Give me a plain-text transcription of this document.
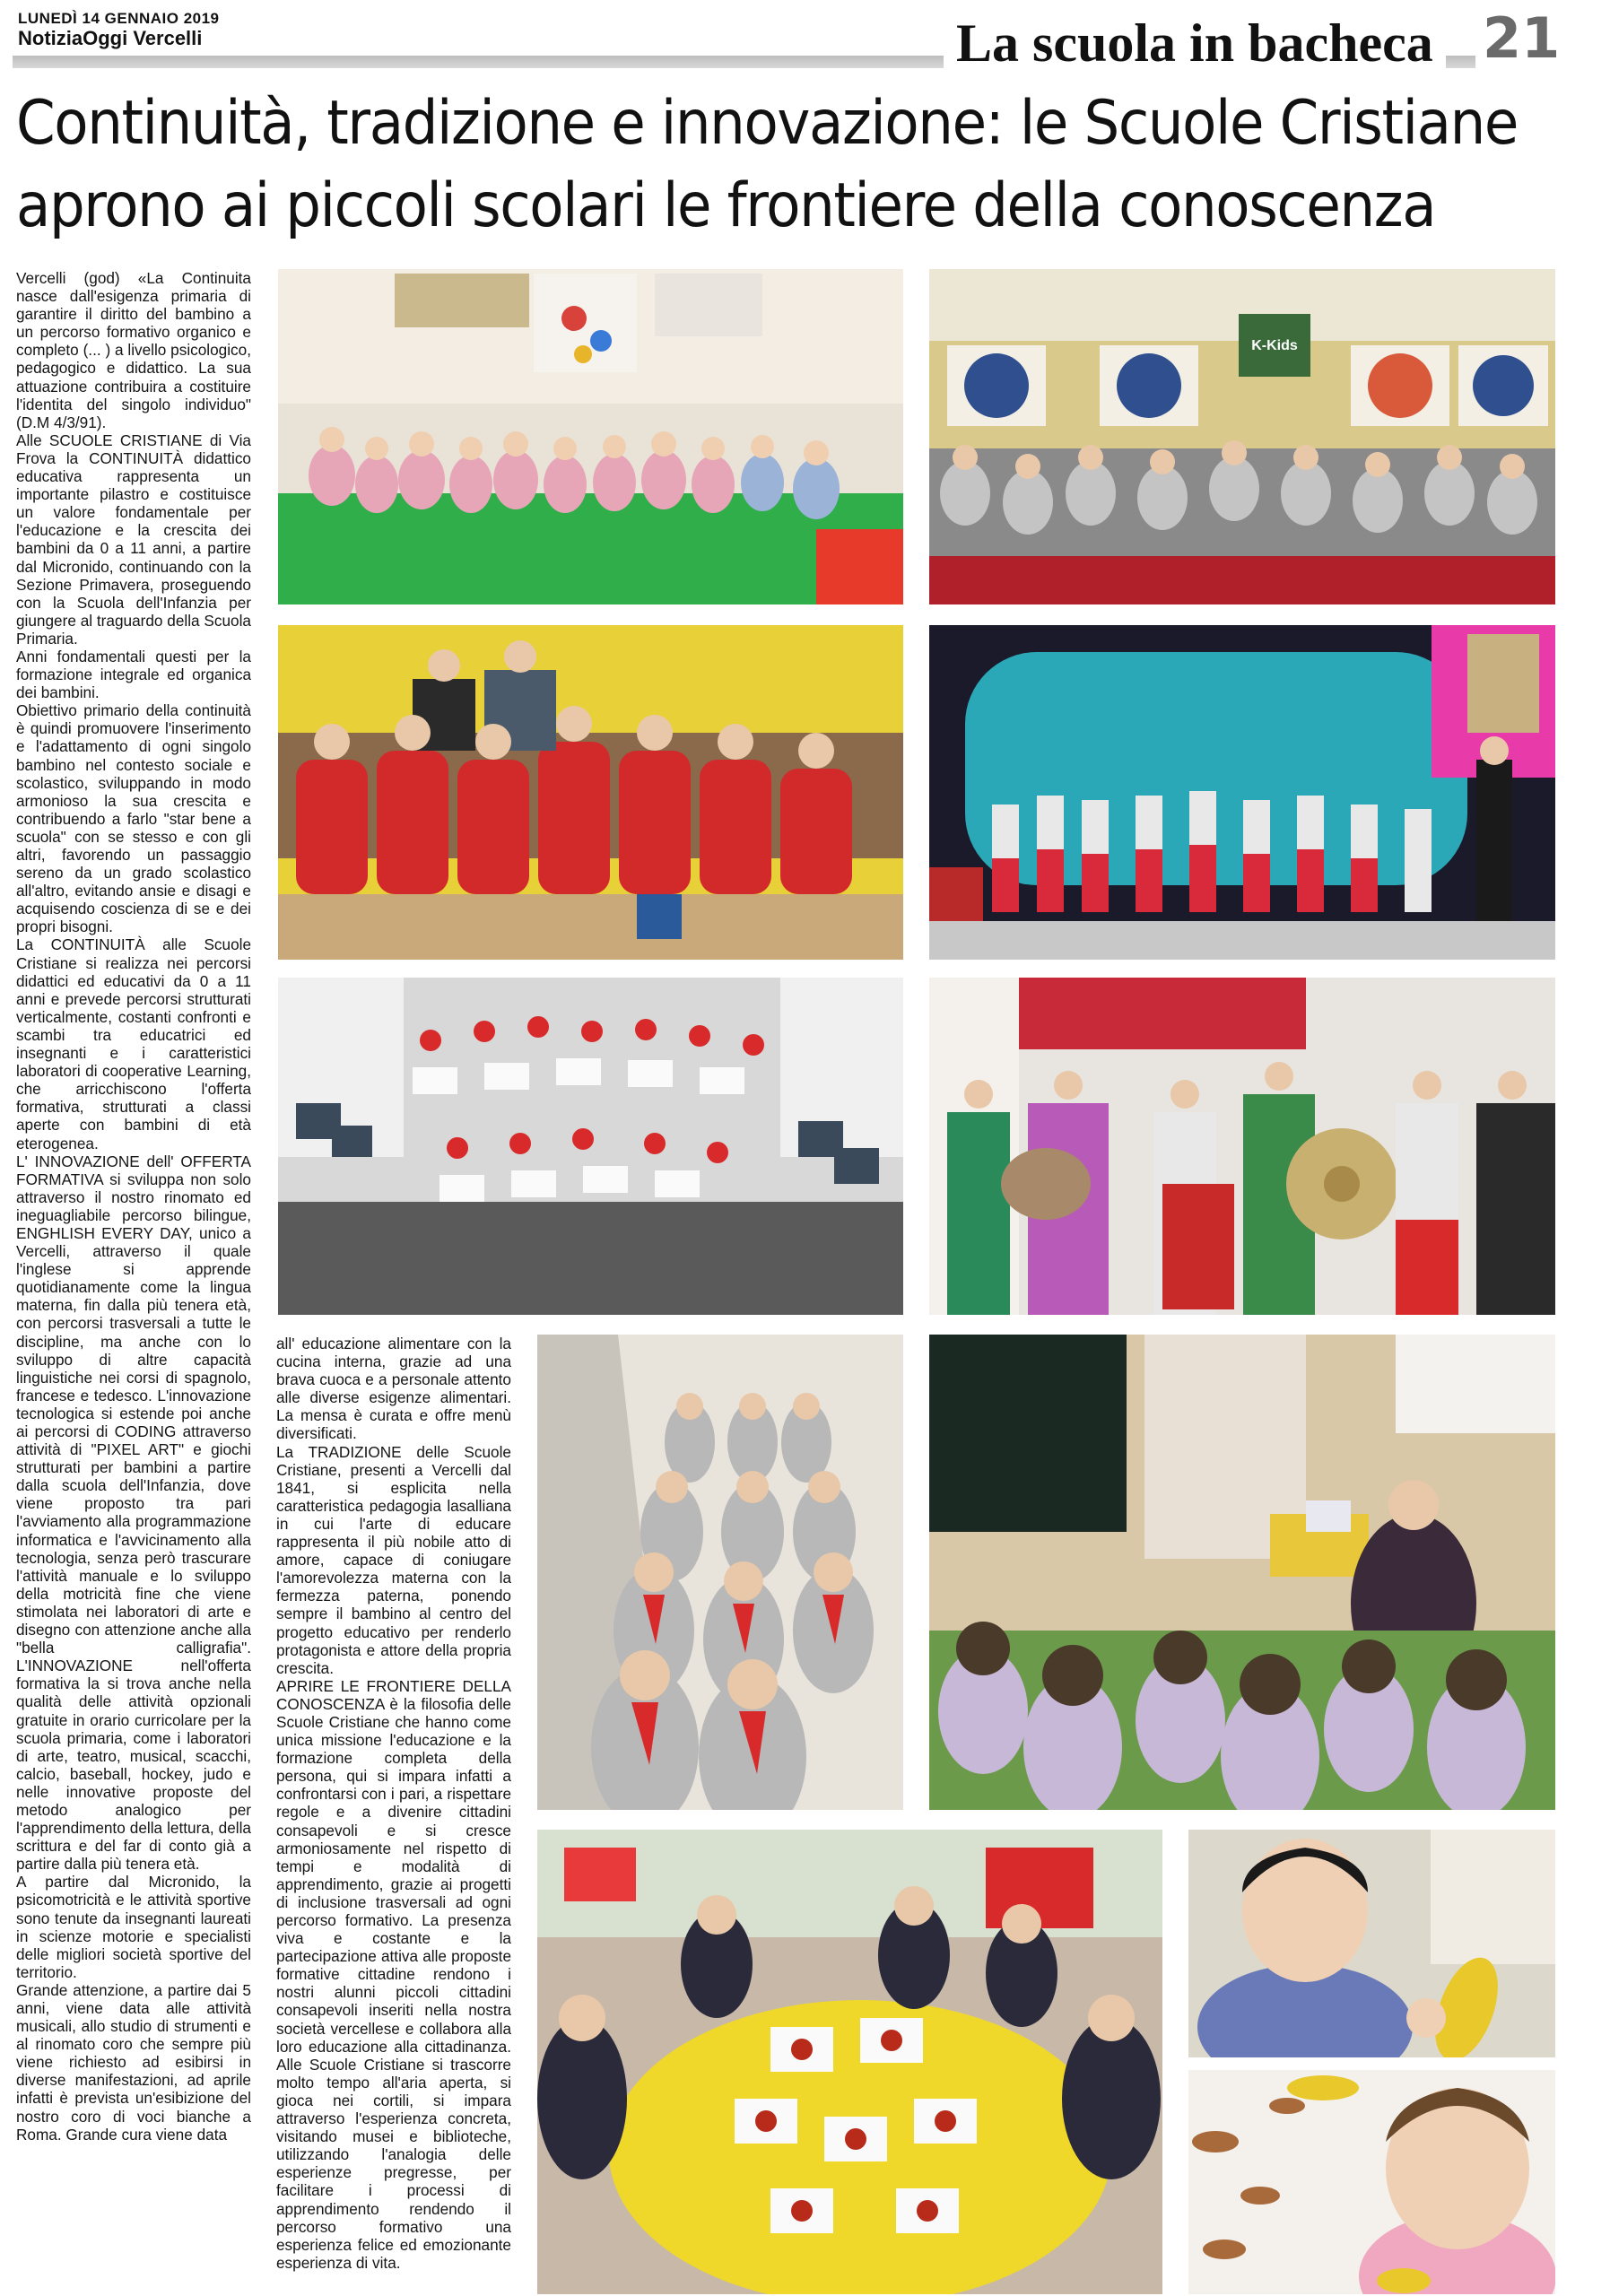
LUNEDÌ 14 GENNAIO 2019
NotiziaOggi Vercelli	La scuola in bacheca 21
Continuità, tradizione e innovazione: le Scuole Cristiane
aprono ai piccoli scolari le frontiere della conoscenza

Vercelli (god) «La Continuita nasce dall'esigenza primaria di garantire il diritto del bambino a un percorso formativo organico e completo (... ) a livello psicologico, pedagogico e didattico. La sua attuazione contribuira a costituire l'identita del singolo individuo" (D.M 4/3/91).

Alle SCUOLE CRISTIANE di Via Frova la CONTINUITÀ didattico educativa rappresenta un importante pilastro e costituisce un valore fondamentale per l'educazione e la crescita dei bambini da 0 a 11 anni, a partire dal Micronido, continuando con la Sezione Primavera, proseguendo con la Scuola dell'Infanzia per giungere al traguardo della Scuola Primaria.

Anni fondamentali questi per la formazione integrale ed organica dei bambini.

Obiettivo primario della continuità è quindi promuovere l'inserimento e l'adattamento di ogni singolo bambino nel contesto sociale e scolastico, sviluppando in modo armonioso la sua crescita e contribuendo a farlo "star bene a scuola" con se stesso e con gli altri, favorendo un passaggio sereno da un grado scolastico all'altro, evitando ansie e disagi e acquisendo coscienza di se e dei propri bisogni.

La CONTINUITÀ alle Scuole Cristiane si realizza nei percorsi didattici ed educativi da 0 a 11 anni e prevede percorsi strutturati verticalmente, costanti confronti e scambi tra educatrici ed insegnanti e i caratteristici laboratori di cooperative Learning, che arricchiscono l'offerta formativa, strutturati a classi aperte con bambini di età eterogenea.

L' INNOVAZIONE dell' OFFERTA FORMATIVA si sviluppa non solo attraverso il nostro rinomato ed ineguagliabile percorso bilingue, ENGHLISH EVERY DAY, unico a Vercelli, attraverso il quale l'inglese si apprende quotidianamente come la lingua materna, fin dalla più tenera età, con percorsi trasversali a tutte le discipline, ma anche con lo sviluppo di altre capacità linguistiche nei corsi di spagnolo, francese e tedesco. L'innovazione tecnologica si estende poi anche ai percorsi di CODING attraverso attività di "PIXEL ART" e giochi strutturati per bambini a partire dalla scuola dell'Infanzia, dove viene proposto tra pari l'avviamento alla programmazione informatica e l'avvicinamento alla tecnologia, senza però trascurare l'attività manuale e lo sviluppo della motricità fine che viene stimolata nei laboratori di arte e disegno con attenzione anche alla "bella calligrafia". L'INNOVAZIONE nell'offerta formativa la si trova anche nella qualità delle attività opzionali gratuite in orario curricolare per la scuola primaria, come i laboratori di arte, teatro, musical, scacchi, calcio, baseball, hockey, judo e nelle innovative proposte del metodo analogico per l'apprendimento della lettura, della scrittura e del far di conto già a partire dalla più tenera età.

A partire dal Micronido, la psicomotricità e le attività sportive sono tenute da insegnanti laureati in scienze motorie e specialisti delle migliori società sportive del territorio.

Grande attenzione, a partire dai 5 anni, viene data alle attività musicali, allo studio di strumenti e al rinomato coro che sempre più viene richiesto ad esibirsi in diverse manifestazioni, ad aprile infatti è prevista un'esibizione del nostro coro di voci bianche a Roma. Grande cura viene data

all' educazione alimentare con la cucina interna, grazie ad una brava cuoca e a personale attento alle diverse esigenze alimentari. La mensa è curata e offre menù diversificati.

La TRADIZIONE delle Scuole Cristiane, presenti a Vercelli dal 1841, si esplicita nella caratteristica pedagogia lasalliana in cui l'arte di educare rappresenta il più nobile atto di amore, capace di coniugare l'amorevolezza materna con la fermezza paterna, ponendo sempre il bambino al centro del progetto educativo per renderlo protagonista e attore della propria crescita.

APRIRE LE FRONTIERE DELLA CONOSCENZA è la filosofia delle Scuole Cristiane che hanno come unica missione l'educazione e la formazione completa della persona, qui si impara infatti a confrontarsi con i pari, a rispettare regole e a divenire cittadini consapevoli e si cresce armoniosamente nel rispetto di tempi e modalità di apprendimento, grazie ai progetti di inclusione trasversali ad ogni percorso formativo. La presenza viva e costante e la partecipazione attiva alle proposte formative cittadine rendono i nostri alunni piccoli cittadini consapevoli inseriti nella nostra società vercellese e collabora alla loro educazione alla cittadinanza. Alle Scuole Cristiane si trascorre molto tempo all'aria aperta, si gioca nei cortili, si impara attraverso l'esperienza concreta, visitando musei e biblioteche, utilizzando l'analogia delle esperienze pregresse, per facilitare i processi di apprendimento rendendo il percorso formativo una esperienza felice ed emozionante esperienza di vita.

K-Kids
